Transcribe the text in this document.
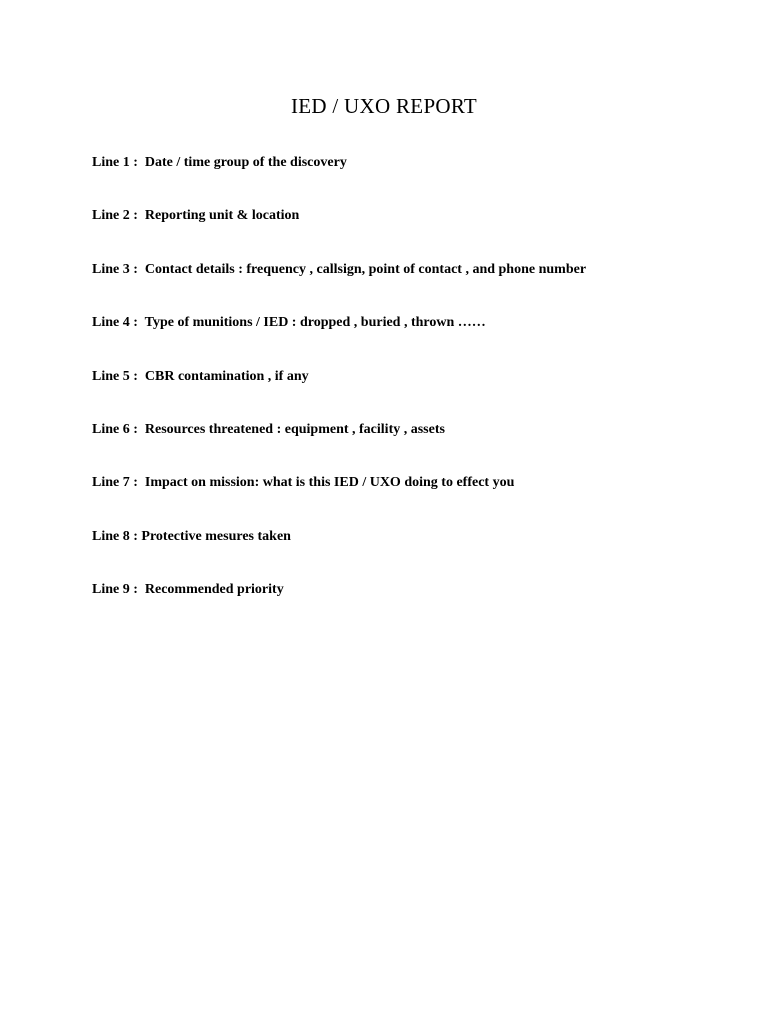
IED / UXO REPORT
Line 1 : Date / time group of the discovery
Line 2 : Reporting unit & location
Line 3 : Contact details : frequency , callsign, point of contact , and phone number
Line 4 : Type of munitions / IED : dropped , buried , thrown ……
Line 5 : CBR contamination , if any
Line 6 : Resources threatened : equipment , facility , assets
Line 7 : Impact on mission: what is this IED / UXO doing to effect you
Line 8 : Protective mesures taken
Line 9 : Recommended priority
